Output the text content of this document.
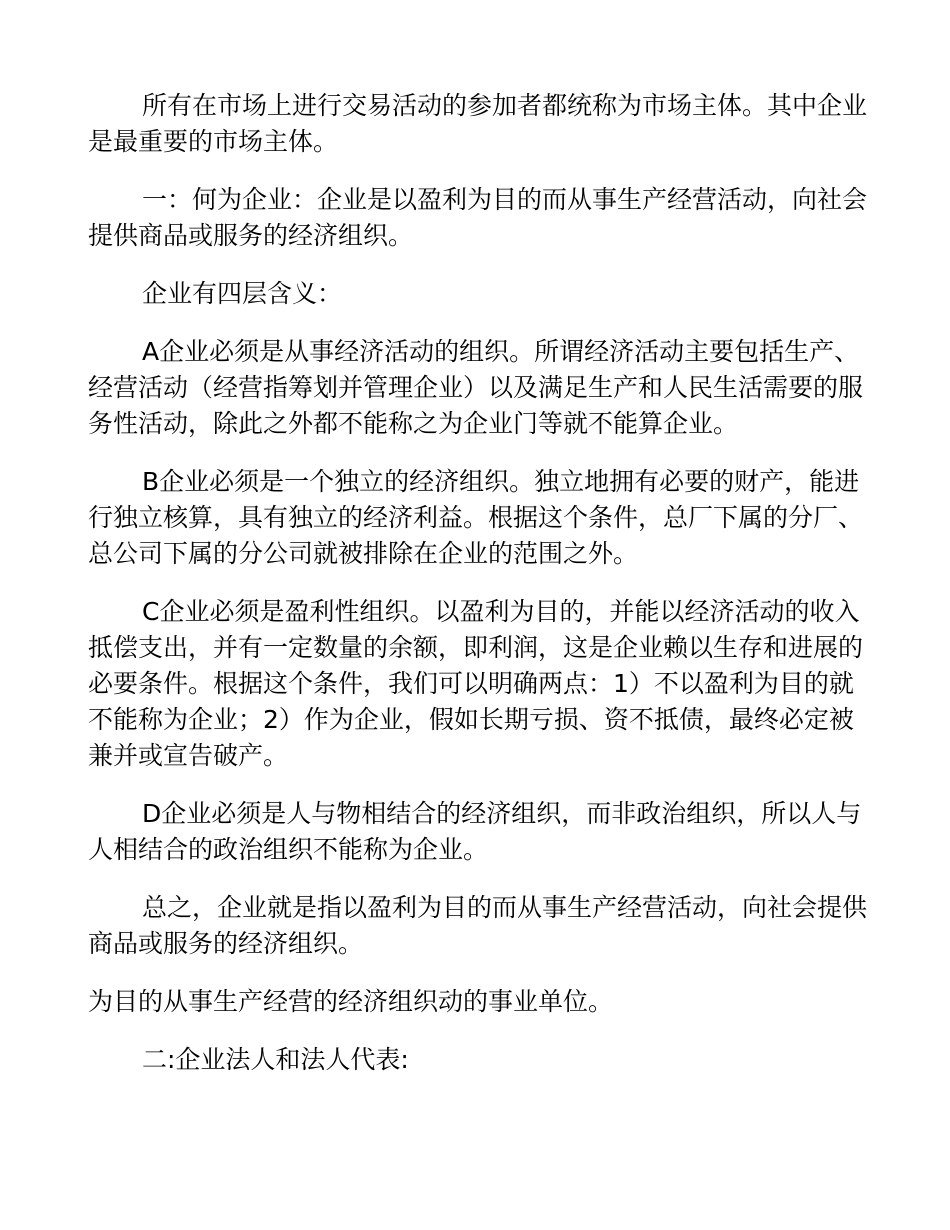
所有在市场上进行交易活动的参加者都统称为市场主体。其中企业是最重要的市场主体。

一：何为企业：企业是以盈利为目的而从事生产经营活动，向社会提供商品或服务的经济组织。

企业有四层含义：

A企业必须是从事经济活动的组织。所谓经济活动主要包括生产、经营活动（经营指筹划并管理企业）以及满足生产和人民生活需要的服务性活动，除此之外都不能称之为企业门等就不能算企业。

B企业必须是一个独立的经济组织。独立地拥有必要的财产，能进行独立核算，具有独立的经济利益。根据这个条件，总厂下属的分厂、总公司下属的分公司就被排除在企业的范围之外。

C企业必须是盈利性组织。以盈利为目的，并能以经济活动的收入抵偿支出，并有一定数量的余额，即利润，这是企业赖以生存和进展的必要条件。根据这个条件，我们可以明确两点：1）不以盈利为目的就不能称为企业；2）作为企业，假如长期亏损、资不抵债，最终必定被兼并或宣告破产。

D企业必须是人与物相结合的经济组织，而非政治组织，所以人与人相结合的政治组织不能称为企业。

总之，企业就是指以盈利为目的而从事生产经营活动，向社会提供商品或服务的经济组织。

为目的从事生产经营的经济组织动的事业单位。

二:企业法人和法人代表:
